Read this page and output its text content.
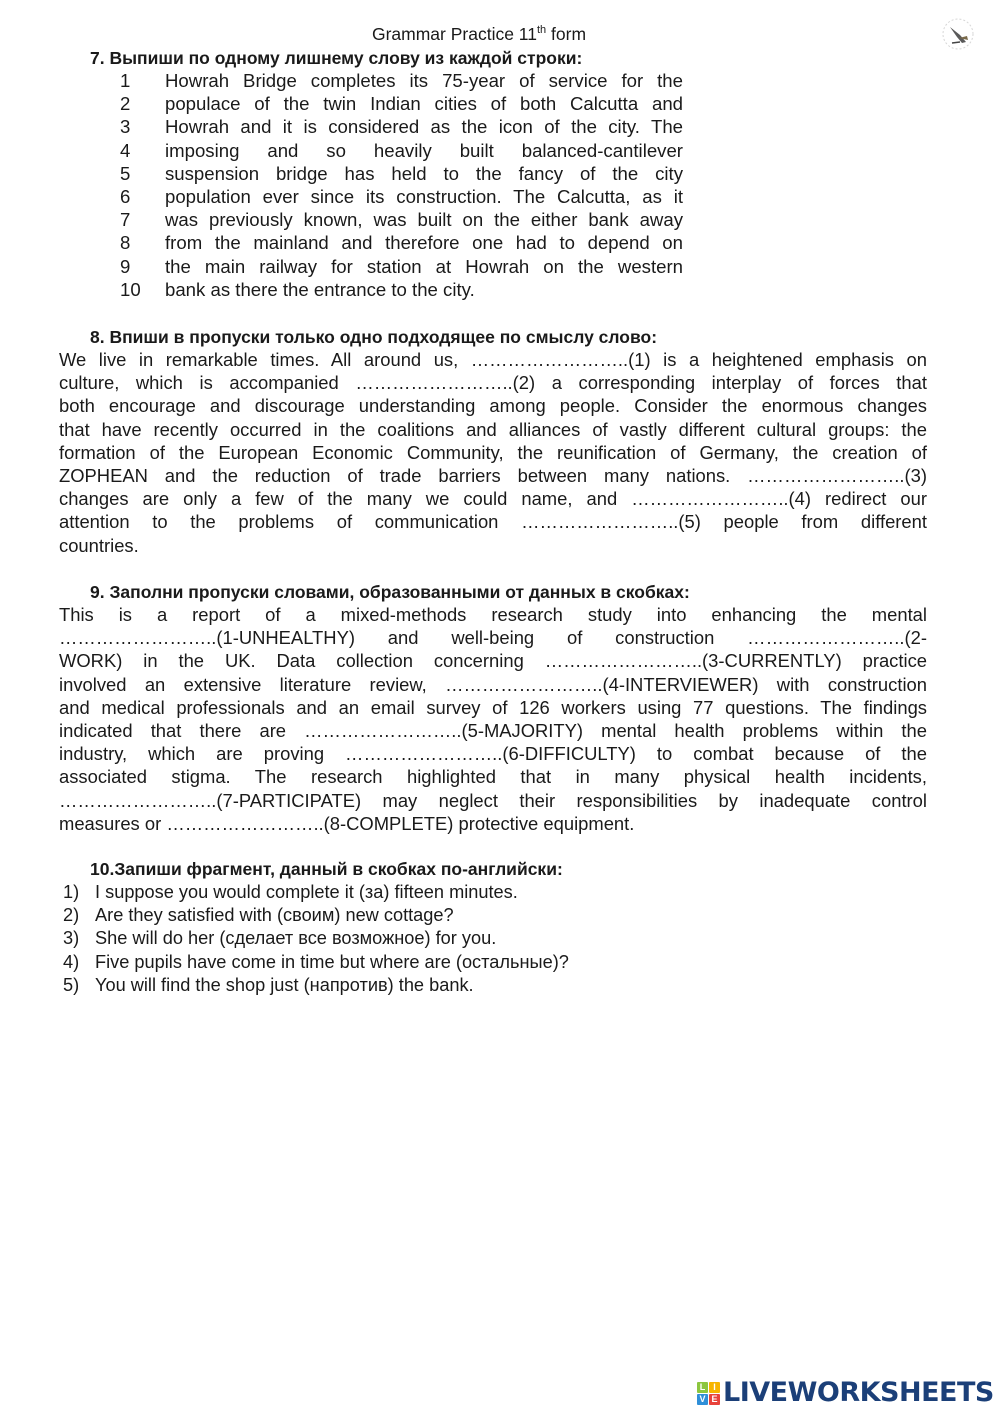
Grammar Practice 11th form
7. Выпиши по одному лишнему слову из каждой строки:
1	Howrah Bridge completes its 75-year of service for the
2	populace of the twin Indian cities of both Calcutta and
3	Howrah and it is considered as the icon of the city. The
4	imposing and so heavily built balanced-cantilever
5	suspension bridge has held to the fancy of the city
6	population ever since its construction. The Calcutta, as it
7	was previously known, was built on the either bank away
8	from the mainland and therefore one had to depend on
9	the main railway for station at Howrah on the western
10	bank as there the entrance to the city.
8. Впиши в пропуски только одно подходящее по смыслу слово:
We live in remarkable times. All around us, ……………………..(1) is a heightened emphasis on
culture, which is accompanied ……………………..(2) a corresponding interplay of forces that
both encourage and discourage understanding among people. Consider the enormous changes
that have recently occurred in the coalitions and alliances of vastly different cultural groups: the
formation of the European Economic Community, the reunification of Germany, the creation of
ZOPHEAN and the reduction of trade barriers between many nations. ……………………..(3)
changes are only a few of the many we could name, and ……………………..(4) redirect our
attention to the problems of communication ……………………..(5) people from different
countries.
9. Заполни пропуски словами, образованными от данных в скобках:
This is a report of a mixed-methods research study into enhancing the mental
……………………..(1-UNHEALTHY) and well-being of construction ……………………..(2-
WORK) in the UK. Data collection concerning ……………………..(3-CURRENTLY) practice
involved an extensive literature review, ……………………..(4-INTERVIEWER) with construction
and medical professionals and an email survey of 126 workers using 77 questions. The findings
indicated that there are ……………………..(5-MAJORITY) mental health problems within the
industry, which are proving ……………………..(6-DIFFICULTY) to combat because of the
associated stigma. The research highlighted that in many physical health incidents,
……………………..(7-PARTICIPATE) may neglect their responsibilities by inadequate control
measures or ……………………..(8-COMPLETE) protective equipment.
10.Запиши фрагмент, данный в скобках по-английски:
1) I suppose you would complete it (за) fifteen minutes.
2) Are they satisfied with (своим) new cottage?
3) She will do her (сделает все возможное) for you.
4) Five pupils have come in time but where are (остальные)?
5) You will find the shop just (напротив) the bank.
L I
V E LIVEWORKSHEETS
